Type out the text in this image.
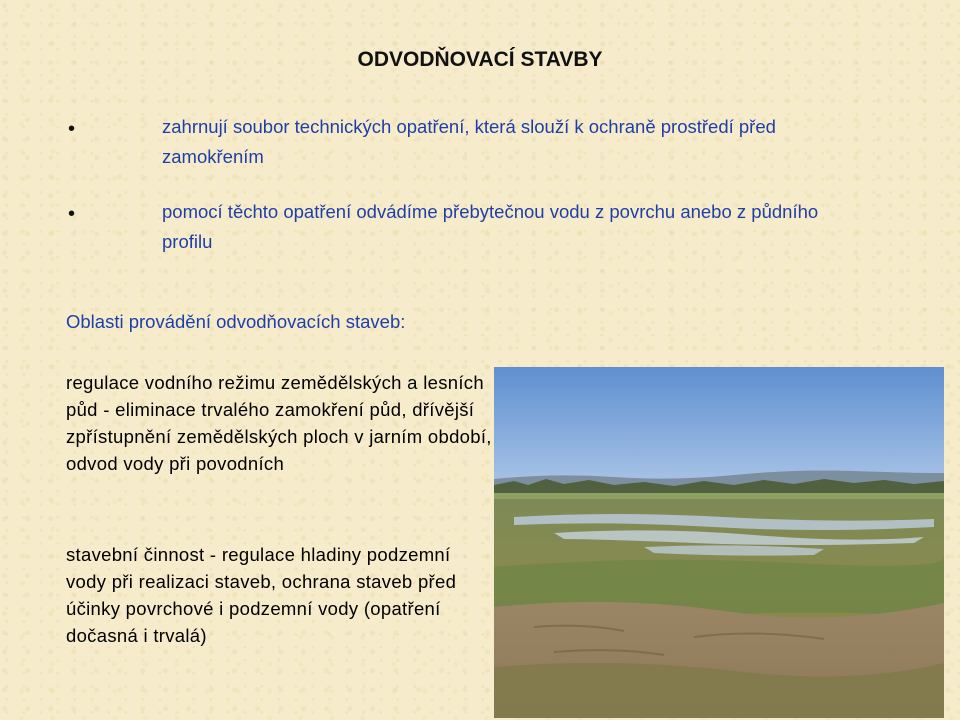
ODVODŇOVACÍ STAVBY
•	zahrnují soubor technických opatření, která slouží k ochraně prostředí před zamokřením
•	pomocí těchto opatření odvádíme přebytečnou vodu z povrchu anebo z půdního profilu
Oblasti provádění odvodňovacích staveb:
regulace vodního režimu zemědělských a lesních půd - eliminace trvalého zamokření půd, dřívější zpřístupnění zemědělských ploch v jarním období, odvod vody při povodních
stavební činnost - regulace hladiny podzemní vody při realizaci staveb, ochrana staveb před účinky povrchové i podzemní vody (opatření dočasná i trvalá)
